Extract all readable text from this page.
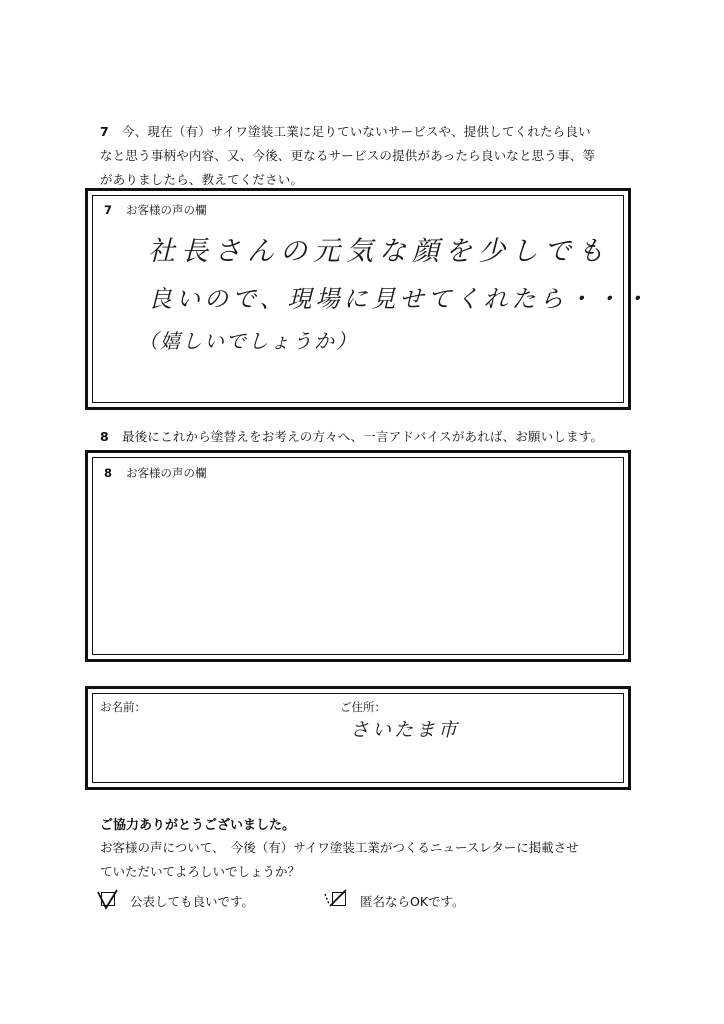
7 今、現在（有）サイワ塗装工業に足りていないサービスや、提供してくれたら良い
なと思う事柄や内容、又、今後、更なるサービスの提供があったら良いなと思う事、等
がありましたら、教えてください。
7 お客様の声の欄
社長さんの元気な顔を少しでも
良いので、現場に見せてくれたら・・・
（嬉しいでしょうか）
8 最後にこれから塗替えをお考えの方々へ、一言アドバイスがあれば、お願いします。
8 お客様の声の欄
お名前：	ご住所：
さいたま市
ご協力ありがとうございました。
お客様の声について、　今後（有）サイワ塗装工業がつくるニュースレターに掲載させ
ていただいてよろしいでしょうか？
公表しても良いです。	匿名ならOKです。
